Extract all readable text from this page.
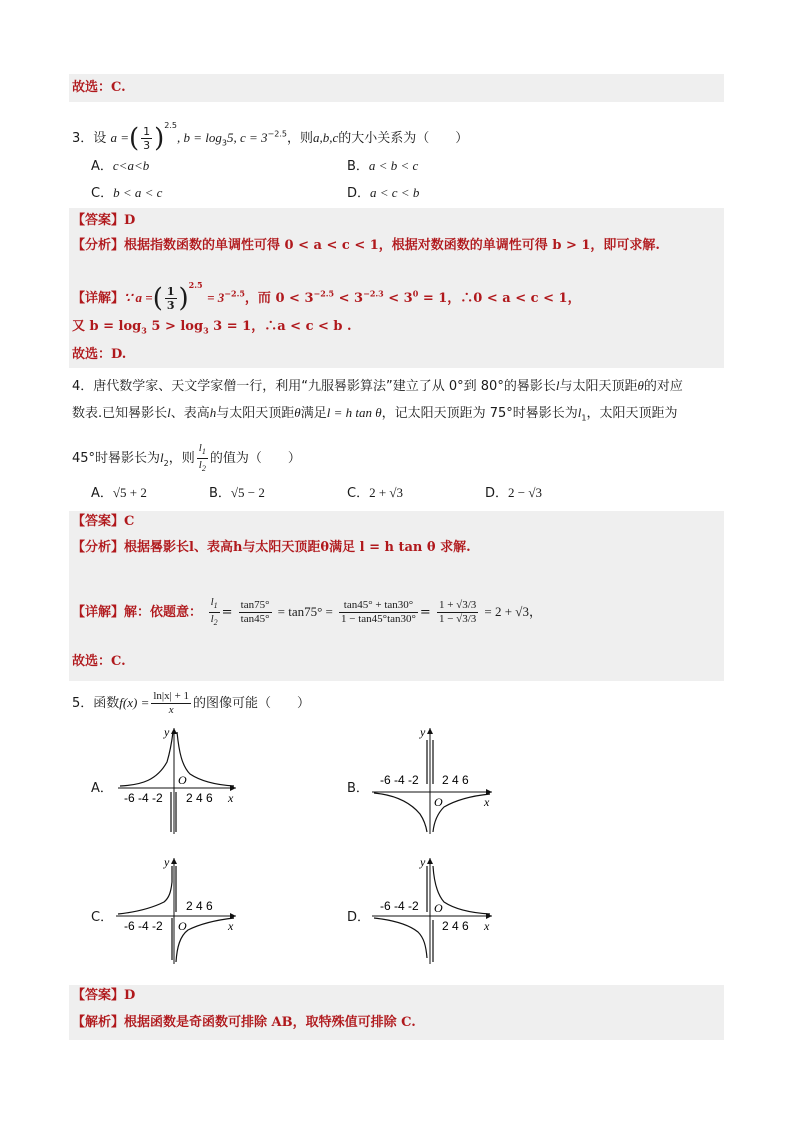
故选：C.
3．设 a =( $\frac{1}{3} )^{2.5}$, $b = \log_35$, $c = 3^{-2.5}$，则a,b,c的大小关系为（　　）
A．c<a<b	B．a < b < c
C．b < a < c	D．a < c < b
【答案】D
【分析】根据指数函数的单调性可得 0 < a < c < 1，根据对数函数的单调性可得 b > 1，即可求解.
【详解】∵ a =( $\frac{1}{3} )^{2.5} = 3^{-2.5}$，而 $0 < 3^{-2.5} < 3^{-2.3} < 3^0 = 1$，∴0 < a < c < 1，
又 $b = \log_3 5 > \log_3 3 = 1$，∴a < c < b .
故选：D.
4．唐代数学家、天文学家僧一行，利用“九服晷影算法”建立了从 0°到 80°的晷影长l与太阳天顶距θ的对应
数表.已知晷影长l、表高h与太阳天顶距θ满足l = h tan θ，记太阳天顶距为 75°时晷影长为$l_1$，太阳天顶距为
45°时晷影长为$l_2$，则 $\frac{l_1}{l_2}$ 的值为（　　）
A．√5 + 2	B．√5 − 2	C．2 + √3	D．2 − √3
【答案】C
【分析】根据晷影长l、表高h与太阳天顶距θ满足 l = h tan θ 求解.
【详解】解：依题意： $\frac{l_1}{l_2} = \frac{\tan 75^\circ}{\tan 45^\circ} = \tan 75^\circ = \frac{\tan 45^\circ + \tan 30^\circ}{1 - \tan 45^\circ\tan 30^\circ} = \frac{1 + √3/3}{1 - √3/3} = 2 + √3$，
故选：C.
5．函数$f(x) = \frac{\ln|x| + 1}{x}$ 的图像可能（　　）
A．	B．
C．	D．
y
O
-6 -4 -2 2 4 6 x
y
O
-6 -4 -2 2 4 6
x
y
O
-6 -4 -2
2 4 6
x
y
O
-6 -4 -2
2 4 6 x
【答案】D
【解析】根据函数是奇函数可排除 AB，取特殊值可排除 C.
